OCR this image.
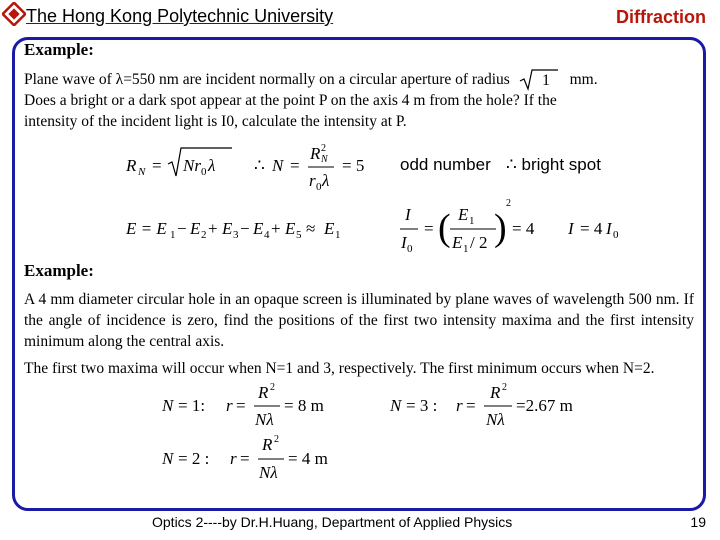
The Hong Kong Polytechnic University	Diffraction
Example:
Plane wave of λ=550 nm are incident normally on a circular aperture of radius 1 mm.
Does a bright or a dark spot appear at the point P on the axis 4 m from the hole? If the
intensity of the incident light is I0, calculate the intensity at P.
R N = Nr 0 λ ∴ N =
R 2
N
r 0 λ
= 5 odd number ∴ bright spot
E = E 1 − E 2 + E 3 − E 4 + E 5 ≈ E 1
I
I 0
= ( E 1
E 1 / 2 )
2
= 4 I = 4 I 0
Example:
A 4 mm diameter circular hole in an opaque screen is illuminated by plane waves of wavelength 500 nm. If the angle of incidence is zero, find the positions of the first two intensity maxima and the first intensity minimum along the central axis.
The first two maxima will occur when N=1 and 3, respectively. The first minimum occurs when N=2.
N = 1: r =
R 2
Nλ
= 8 m	N = 3 : r =
R 2
Nλ
=2.67 m
N = 2 : r =
R 2
Nλ
= 4 m
Optics 2----by Dr.H.Huang, Department of Applied Physics	19
